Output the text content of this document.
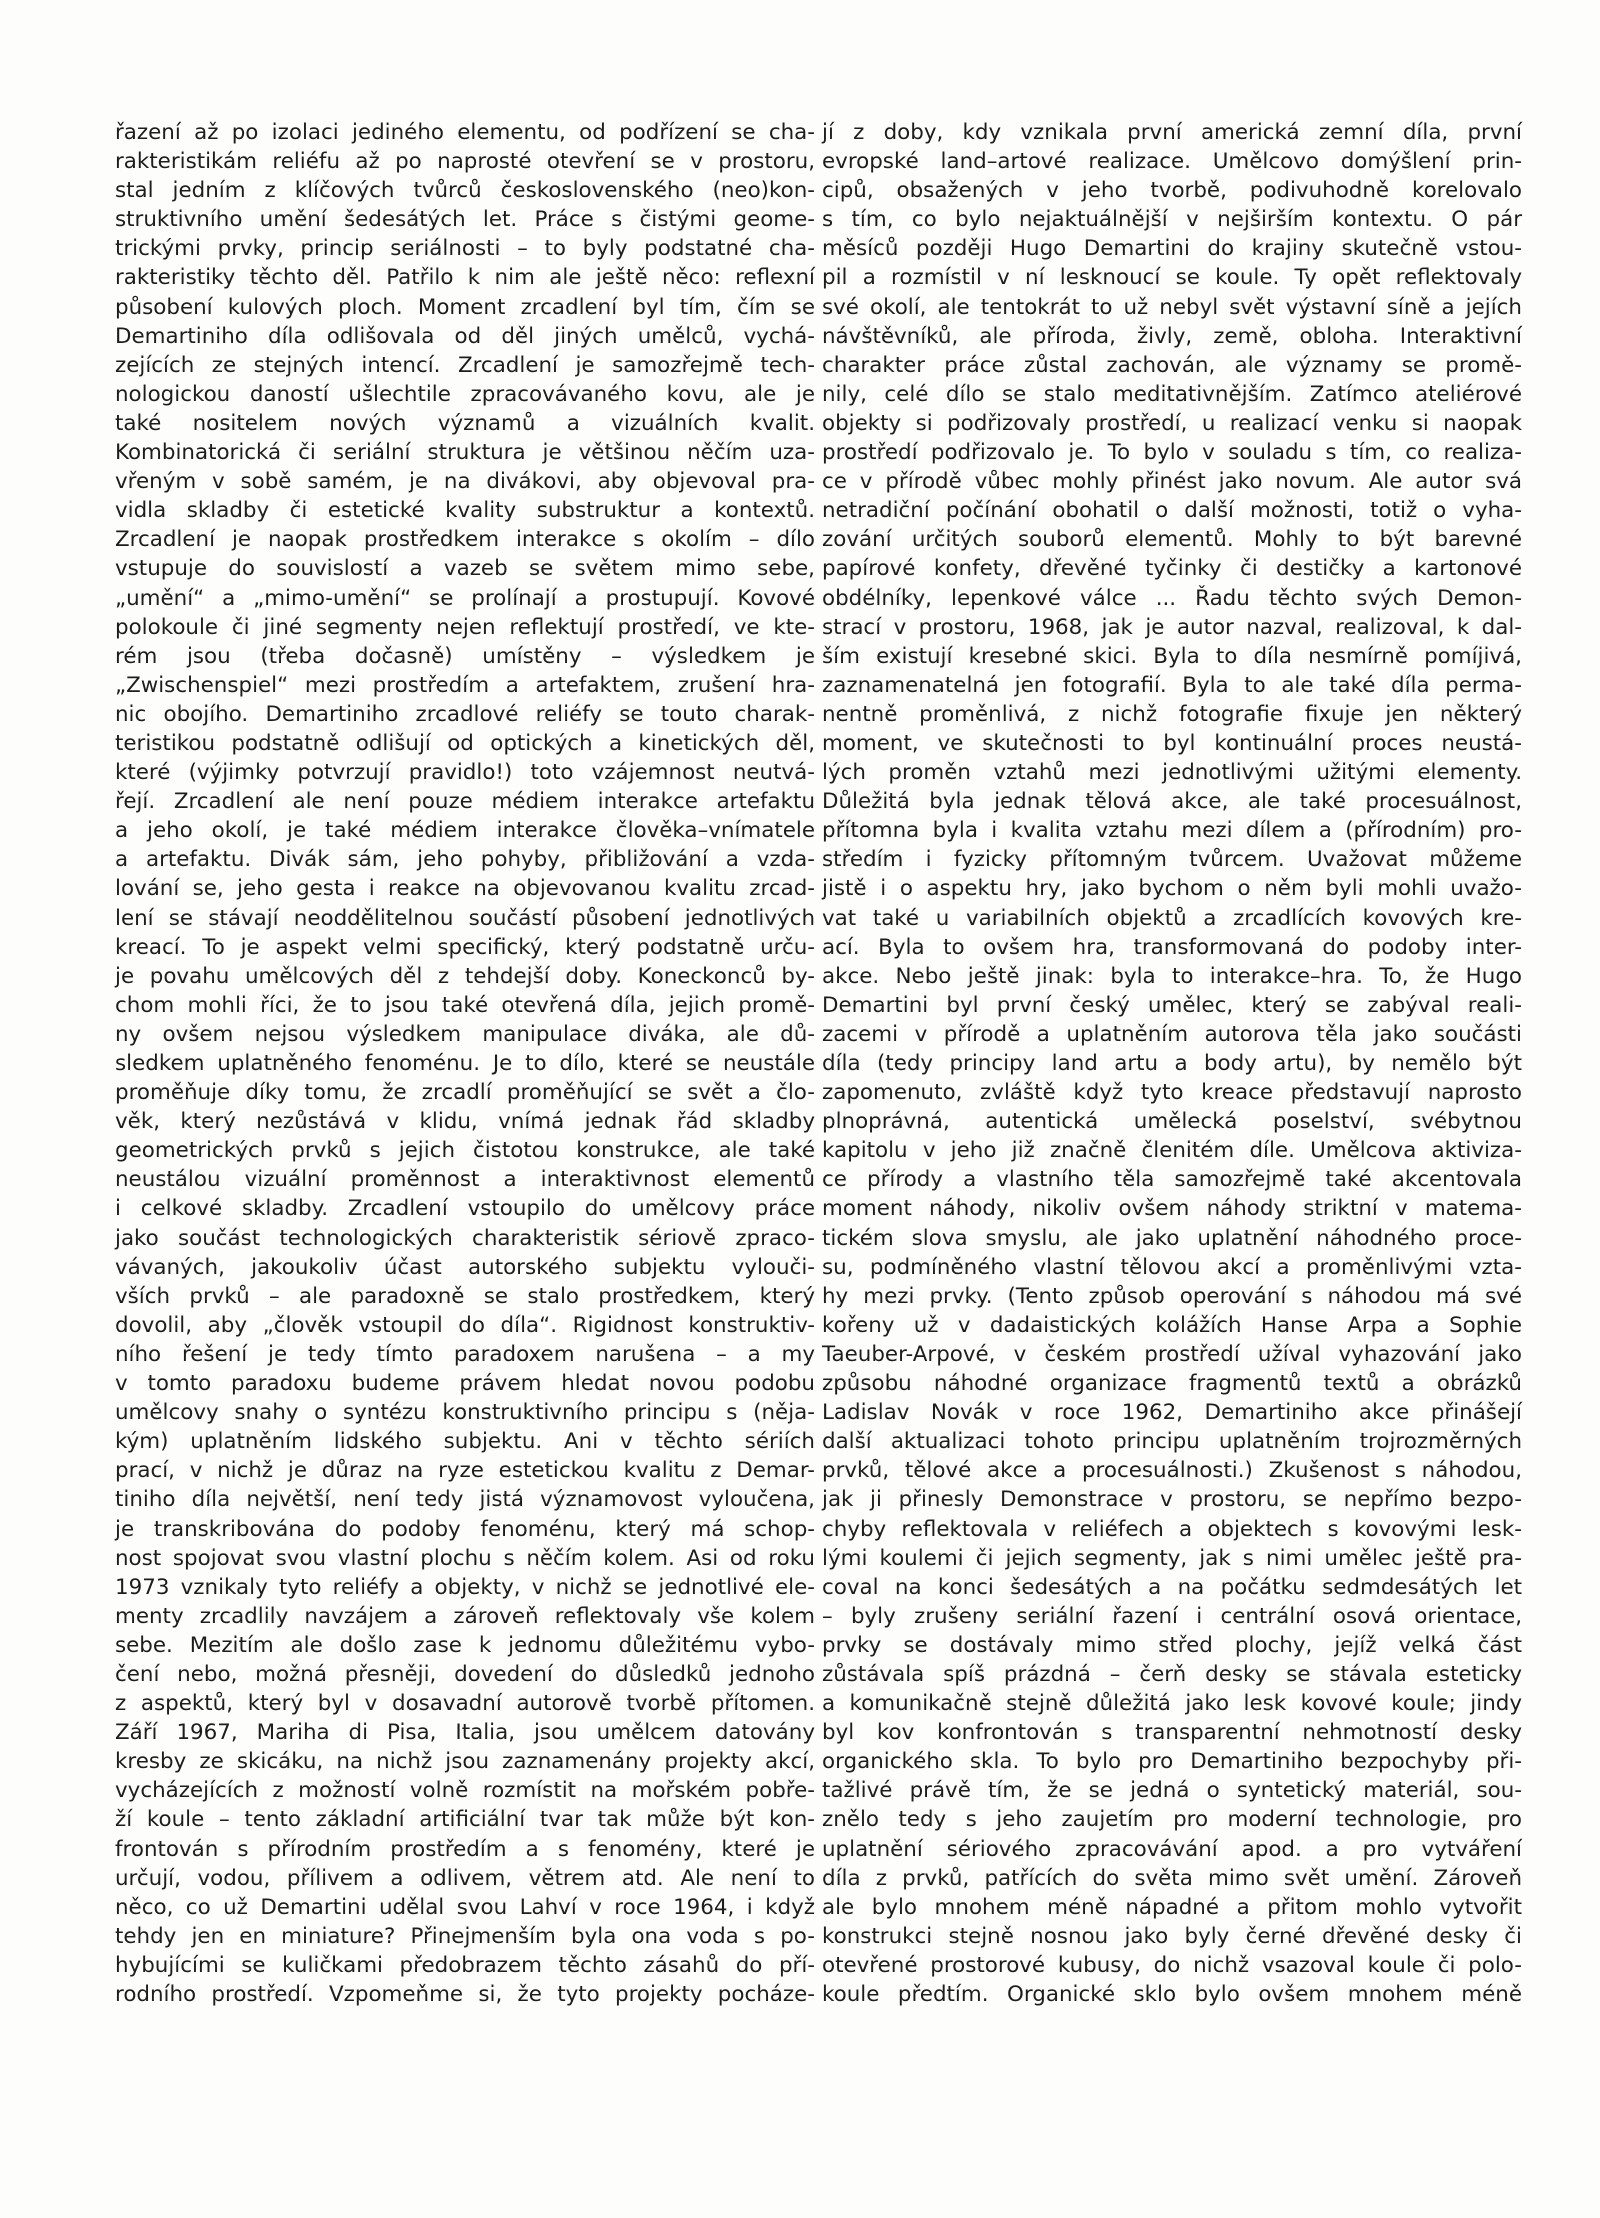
řazení až po izolaci jediného elementu, od podřízení se cha-
rakteristikám reliéfu až po naprosté otevření se v prostoru,
stal jedním z klíčových tvůrců československého (neo)kon-
struktivního umění šedesátých let. Práce s čistými geome-
trickými prvky, princip seriálnosti – to byly podstatné cha-
rakteristiky těchto děl. Patřilo k nim ale ještě něco: reflexní
působení kulových ploch. Moment zrcadlení byl tím, čím se
Demartiniho díla odlišovala od děl jiných umělců, vychá-
zejících ze stejných intencí. Zrcadlení je samozřejmě tech-
nologickou daností ušlechtile zpracovávaného kovu, ale je
také nositelem nových významů a vizuálních kvalit.
Kombinatorická či seriální struktura je většinou něčím uza-
vřeným v sobě samém, je na divákovi, aby objevoval pra-
vidla skladby či estetické kvality substruktur a kontextů.
Zrcadlení je naopak prostředkem interakce s okolím – dílo
vstupuje do souvislostí a vazeb se světem mimo sebe,
„umění“ a „mimo-umění“ se prolínají a prostupují. Kovové
polokoule či jiné segmenty nejen reflektují prostředí, ve kte-
rém jsou (třeba dočasně) umístěny – výsledkem je
„Zwischenspiel“ mezi prostředím a artefaktem, zrušení hra-
nic obojího. Demartiniho zrcadlové reliéfy se touto charak-
teristikou podstatně odlišují od optických a kinetických děl,
které (výjimky potvrzují pravidlo!) toto vzájemnost neutvá-
řejí. Zrcadlení ale není pouze médiem interakce artefaktu
a jeho okolí, je také médiem interakce člověka–vnímatele
a artefaktu. Divák sám, jeho pohyby, přibližování a vzda-
lování se, jeho gesta i reakce na objevovanou kvalitu zrcad-
lení se stávají neoddělitelnou součástí působení jednotlivých
kreací. To je aspekt velmi specifický, který podstatně urču-
je povahu umělcových děl z tehdejší doby. Koneckonců by-
chom mohli říci, že to jsou také otevřená díla, jejich promě-
ny ovšem nejsou výsledkem manipulace diváka, ale dů-
sledkem uplatněného fenoménu. Je to dílo, které se neustále
proměňuje díky tomu, že zrcadlí proměňující se svět a člo-
věk, který nezůstává v klidu, vnímá jednak řád skladby
geometrických prvků s jejich čistotou konstrukce, ale také
neustálou vizuální proměnnost a interaktivnost elementů
i celkové skladby. Zrcadlení vstoupilo do umělcovy práce
jako součást technologických charakteristik sériově zpraco-
vávaných, jakoukoliv účast autorského subjektu vylouči-
vších prvků – ale paradoxně se stalo prostředkem, který
dovolil, aby „člověk vstoupil do díla“. Rigidnost konstruktiv-
ního řešení je tedy tímto paradoxem narušena – a my
v tomto paradoxu budeme právem hledat novou podobu
umělcovy snahy o syntézu konstruktivního principu s (něja-
kým) uplatněním lidského subjektu. Ani v těchto sériích
prací, v nichž je důraz na ryze estetickou kvalitu z Demar-
tiniho díla největší, není tedy jistá významovost vyloučena,
je transkribována do podoby fenoménu, který má schop-
nost spojovat svou vlastní plochu s něčím kolem. Asi od roku
1973 vznikaly tyto reliéfy a objekty, v nichž se jednotlivé ele-
menty zrcadlily navzájem a zároveň reflektovaly vše kolem
sebe. Mezitím ale došlo zase k jednomu důležitému vybo-
čení nebo, možná přesněji, dovedení do důsledků jednoho
z aspektů, který byl v dosavadní autorově tvorbě přítomen.
Září 1967, Mariha di Pisa, Italia, jsou umělcem datovány
kresby ze skicáku, na nichž jsou zaznamenány projekty akcí,
vycházejících z možností volně rozmístit na mořském pobře-
ží koule – tento základní artificiální tvar tak může být kon-
frontován s přírodním prostředím a s fenomény, které je
určují, vodou, přílivem a odlivem, větrem atd. Ale není to
něco, co už Demartini udělal svou Lahví v roce 1964, i když
tehdy jen en miniature? Přinejmenším byla ona voda s po-
hybujícími se kuličkami předobrazem těchto zásahů do pří-
rodního prostředí. Vzpomeňme si, že tyto projekty pocháze-
jí z doby, kdy vznikala první americká zemní díla, první
evropské land–artové realizace. Umělcovo domýšlení prin-
cipů, obsažených v jeho tvorbě, podivuhodně korelovalo
s tím, co bylo nejaktuálnější v nejširším kontextu. O pár
měsíců později Hugo Demartini do krajiny skutečně vstou-
pil a rozmístil v ní lesknoucí se koule. Ty opět reflektovaly
své okolí, ale tentokrát to už nebyl svět výstavní síně a jejích
návštěvníků, ale příroda, živly, země, obloha. Interaktivní
charakter práce zůstal zachován, ale významy se promě-
nily, celé dílo se stalo meditativnějším. Zatímco ateliérové
objekty si podřizovaly prostředí, u realizací venku si naopak
prostředí podřizovalo je. To bylo v souladu s tím, co realiza-
ce v přírodě vůbec mohly přinést jako novum. Ale autor svá
netradiční počínání obohatil o další možnosti, totiž o vyha-
zování určitých souborů elementů. Mohly to být barevné
papírové konfety, dřevěné tyčinky či destičky a kartonové
obdélníky, lepenkové válce ... Řadu těchto svých Demon-
strací v prostoru, 1968, jak je autor nazval, realizoval, k dal-
ším existují kresebné skici. Byla to díla nesmírně pomíjivá,
zaznamenatelná jen fotografií. Byla to ale také díla perma-
nentně proměnlivá, z nichž fotografie fixuje jen některý
moment, ve skutečnosti to byl kontinuální proces neustá-
lých proměn vztahů mezi jednotlivými užitými elementy.
Důležitá byla jednak tělová akce, ale také procesuálnost,
přítomna byla i kvalita vztahu mezi dílem a (přírodním) pro-
středím i fyzicky přítomným tvůrcem. Uvažovat můžeme
jistě i o aspektu hry, jako bychom o něm byli mohli uvažo-
vat také u variabilních objektů a zrcadlících kovových kre-
ací. Byla to ovšem hra, transformovaná do podoby inter-
akce. Nebo ještě jinak: byla to interakce–hra. To, že Hugo
Demartini byl první český umělec, který se zabýval reali-
zacemi v přírodě a uplatněním autorova těla jako součásti
díla (tedy principy land artu a body artu), by nemělo být
zapomenuto, zvláště když tyto kreace představují naprosto
plnoprávná, autentická umělecká poselství, svébytnou
kapitolu v jeho již značně členitém díle. Umělcova aktiviza-
ce přírody a vlastního těla samozřejmě také akcentovala
moment náhody, nikoliv ovšem náhody striktní v matema-
tickém slova smyslu, ale jako uplatnění náhodného proce-
su, podmíněného vlastní tělovou akcí a proměnlivými vzta-
hy mezi prvky. (Tento způsob operování s náhodou má své
kořeny už v dadaistických kolážích Hanse Arpa a Sophie
Taeuber-Arpové, v českém prostředí užíval vyhazování jako
způsobu náhodné organizace fragmentů textů a obrázků
Ladislav Novák v roce 1962, Demartiniho akce přinášejí
další aktualizaci tohoto principu uplatněním trojrozměrných
prvků, tělové akce a procesuálnosti.) Zkušenost s náhodou,
jak ji přinesly Demonstrace v prostoru, se nepřímo bezpo-
chyby reflektovala v reliéfech a objektech s kovovými lesk-
lými koulemi či jejich segmenty, jak s nimi umělec ještě pra-
coval na konci šedesátých a na počátku sedmdesátých let
– byly zrušeny seriální řazení i centrální osová orientace,
prvky se dostávaly mimo střed plochy, jejíž velká část
zůstávala spíš prázdná – čerň desky se stávala esteticky
a komunikačně stejně důležitá jako lesk kovové koule; jindy
byl kov konfrontován s transparentní nehmotností desky
organického skla. To bylo pro Demartiniho bezpochyby při-
tažlivé právě tím, že se jedná o syntetický materiál, sou-
znělo tedy s jeho zaujetím pro moderní technologie, pro
uplatnění sériového zpracovávání apod. a pro vytváření
díla z prvků, patřících do světa mimo svět umění. Zároveň
ale bylo mnohem méně nápadné a přitom mohlo vytvořit
konstrukci stejně nosnou jako byly černé dřevěné desky či
otevřené prostorové kubusy, do nichž vsazoval koule či polo-
koule předtím. Organické sklo bylo ovšem mnohem méně
